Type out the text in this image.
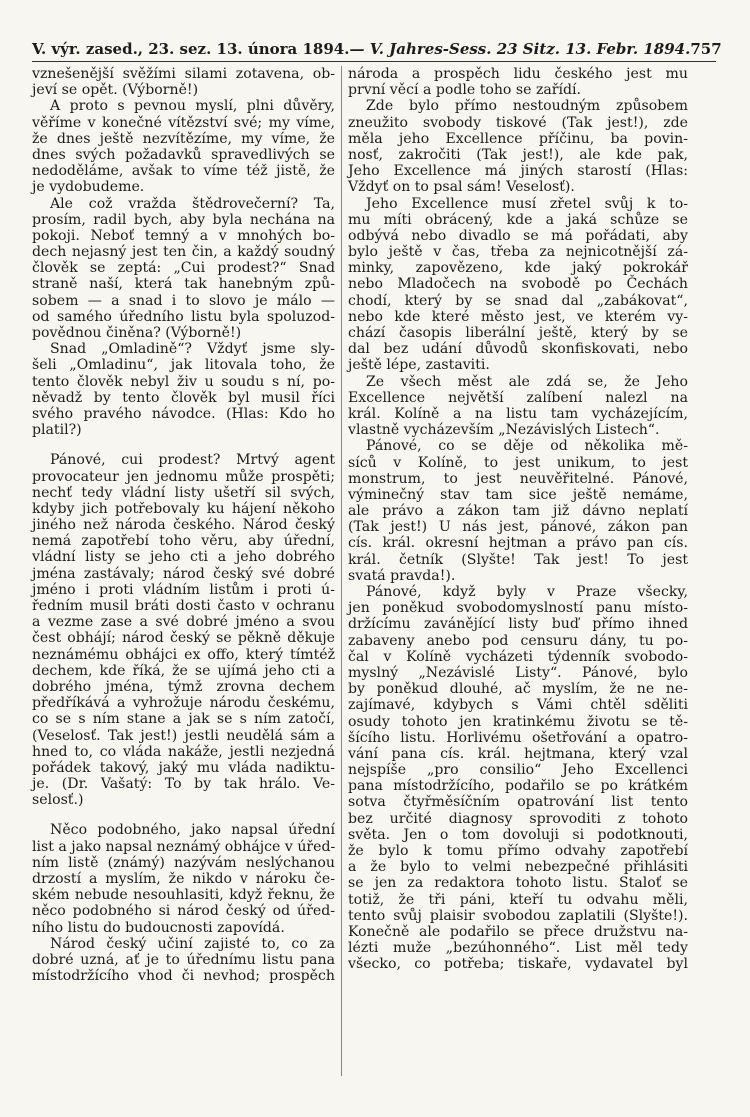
V. výr. zased., 23. sez. 13. února 1894. — V. Jahres-Sess. 23 Sitz. 13. Febr. 1894. 757
vznešenější svěžími silami zotavena, ob-
jeví se opět. (Výborně!)
A proto s pevnou myslí, plni důvěry,
věříme v konečné vítězství své; my víme,
že dnes ještě nezvítězíme, my víme, že
dnes svých požadavků spravedlivých se
nedoděláme, avšak to víme též jistě, že
je vydobudeme.
Ale což vražda štědrovečerní? Ta,
prosím, radil bych, aby byla nechána na
pokoji. Neboť temný a v mnohých bo-
dech nejasný jest ten čin, a každý soudný
člověk se zeptá: „Cui prodest?“ Snad
straně naší, která tak hanebným způ-
sobem — a snad i to slovo je málo —
od samého úředního listu byla spoluzod-
povědnou činěna? (Výborně!)
Snad „Omladině“? Vždyť jsme sly-
šeli „Omladinu“, jak litovala toho, že
tento člověk nebyl živ u soudu s ní, po-
něvadž by tento člověk byl musil říci
svého pravého návodce. (Hlas: Kdo ho
platil?)
Pánové, cui prodest? Mrtvý agent
provocateur jen jednomu může prospěti;
nechť tedy vládní listy ušetří sil svých,
kdyby jich potřebovaly ku hájení někoho
jiného než národa českého. Národ český
nemá zapotřebí toho věru, aby úřední,
vládní listy se jeho cti a jeho dobrého
jména zastávaly; národ český své dobré
jméno i proti vládním listům i proti ú-
ředním musil bráti dosti často v ochranu
a vezme zase a své dobré jméno a svou
čest obhájí; národ český se pěkně děkuje
neznámému obhájci ex offo, který tímtéž
dechem, kde říká, že se ujímá jeho cti a
dobrého jména, týmž zrovna dechem
předříkává a vyhrožuje národu českému,
co se s ním stane a jak se s ním zatočí,
(Veselosť. Tak jest!) jestli neudělá sám a
hned to, co vláda nakáže, jestli nezjedná
pořádek takový, jaký mu vláda nadiktu-
je. (Dr. Vašatý: To by tak hrálo. Ve-
selosť.)
Něco podobného, jako napsal úřední
list a jako napsal neznámý obhájce v úřed-
ním listě (známý) nazývám neslýchanou
drzostí a myslím, že nikdo v nároku če-
ském nebude nesouhlasiti, když řeknu, že
něco podobného si národ český od úřed-
ního listu do budoucnosti zapovídá.
Národ český učiní zajisté to, co za
dobré uzná, ať je to úřednímu listu pana
místodržícího vhod či nevhod; prospěch
národa a prospěch lidu českého jest mu
první věcí a podle toho se zařídí.
Zde bylo přímo nestoudným způsobem
zneužito svobody tiskové (Tak jest!), zde
měla jeho Excellence příčinu, ba povin-
nosť, zakročiti (Tak jest!), ale kde pak,
Jeho Excellence má jiných starostí (Hlas:
Vždyť on to psal sám! Veselosť).
Jeho Excellence musí zřetel svůj k to-
mu míti obrácený, kde a jaká schůze se
odbývá nebo divadlo se má pořádati, aby
bylo ještě v čas, třeba za nejnicotnější zá-
minky, zapovězeno, kde jaký pokrokář
nebo Mladočech na svobodě po Čechách
chodí, který by se snad dal „zabákovat“,
nebo kde které město jest, ve kterém vy-
chází časopis liberální ještě, který by se
dal bez udání důvodů skonfiskovati, nebo
ještě lépe, zastaviti.
Ze všech měst ale zdá se, že Jeho
Excellence největší zalíbení nalezl na
král. Kolíně a na listu tam vycházejícím,
vlastně vycházevším „Nezávislých Listech“.
Pánové, co se děje od několika mě-
síců v Kolíně, to jest unikum, to jest
monstrum, to jest neuvěřitelné. Pánové,
výminečný stav tam sice ještě nemáme,
ale právo a zákon tam již dávno neplatí
(Tak jest!) U nás jest, pánové, zákon pan
cís. král. okresní hejtman a právo pan cís.
král. četník (Slyšte! Tak jest! To jest
svatá pravda!).
Pánové, když byly v Praze všecky,
jen poněkud svobodomyslností panu místo-
držícímu zavánějící listy buď přímo ihned
zabaveny anebo pod censuru dány, tu po-
čal v Kolíně vycházeti týdenník svobodo-
myslný „Nezávislé Listy“. Pánové, bylo
by poněkud dlouhé, ač myslím, že ne ne-
zajímavé, kdybych s Vámi chtěl sděliti
osudy tohoto jen kratinkému životu se tě-
šícího listu. Horlivému ošetřování a opatro-
vání pana cís. král. hejtmana, který vzal
nejspíše „pro consilio“ Jeho Excellenci
pana místodržícího, podařilo se po krátkém
sotva čtyřměsíčním opatrování list tento
bez určité diagnosy sprovoditi z tohoto
světa. Jen o tom dovoluji si podotknouti,
že bylo k tomu přímo odvahy zapotřebí
a že bylo to velmi nebezpečné přihlásiti
se jen za redaktora tohoto listu. Staloť se
totiž, že tři páni, kteří tu odvahu měli,
tento svůj plaisir svobodou zaplatili (Slyšte!).
Konečně ale podařilo se přece družstvu na-
lézti muže „bezúhonného“. List měl tedy
všecko, co potřeba; tiskaře, vydavatel byl
